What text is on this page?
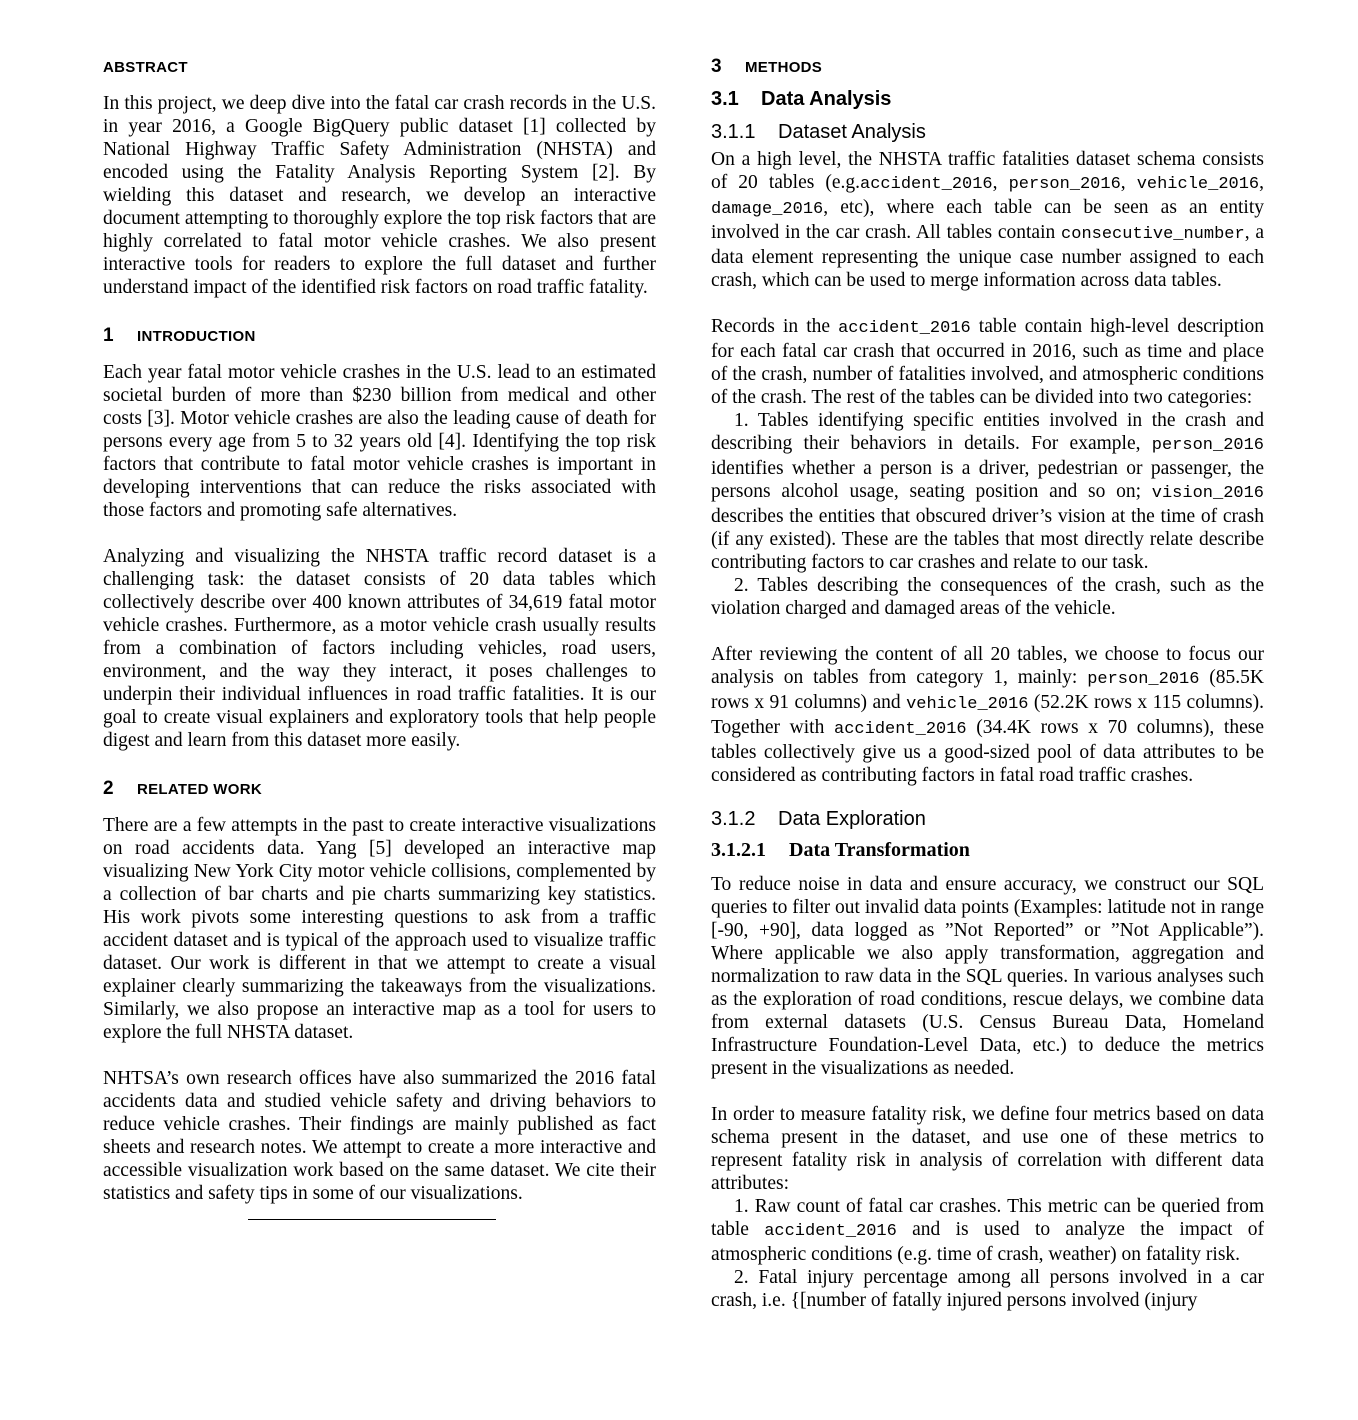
ABSTRACT

In this project, we deep dive into the fatal car crash records in the U.S. in year 2016, a Google BigQuery public dataset [1] collected by National Highway Traffic Safety Administration (NHSTA) and encoded using the Fatality Analysis Reporting System [2]. By wielding this dataset and research, we develop an interactive document attempting to thoroughly explore the top risk factors that are highly correlated to fatal motor vehicle crashes. We also present interactive tools for readers to explore the full dataset and further understand impact of the identified risk factors on road traffic fatality.

1 INTRODUCTION

Each year fatal motor vehicle crashes in the U.S. lead to an estimated societal burden of more than $230 billion from medical and other costs [3]. Motor vehicle crashes are also the leading cause of death for persons every age from 5 to 32 years old [4]. Identifying the top risk factors that contribute to fatal motor vehicle crashes is important in developing interventions that can reduce the risks associated with those factors and promoting safe alternatives.

Analyzing and visualizing the NHSTA traffic record dataset is a challenging task: the dataset consists of 20 data tables which collectively describe over 400 known attributes of 34,619 fatal motor vehicle crashes. Furthermore, as a motor vehicle crash usually results from a combination of factors including vehicles, road users, environment, and the way they interact, it poses challenges to underpin their individual influences in road traffic fatalities. It is our goal to create visual explainers and exploratory tools that help people digest and learn from this dataset more easily.

2 RELATED WORK

There are a few attempts in the past to create interactive visualizations on road accidents data. Yang [5] developed an interactive map visualizing New York City motor vehicle collisions, complemented by a collection of bar charts and pie charts summarizing key statistics. His work pivots some interesting questions to ask from a traffic accident dataset and is typical of the approach used to visualize traffic dataset. Our work is different in that we attempt to create a visual explainer clearly summarizing the takeaways from the visualizations. Similarly, we also propose an interactive map as a tool for users to explore the full NHSTA dataset.

NHTSA’s own research offices have also summarized the 2016 fatal accidents data and studied vehicle safety and driving behaviors to reduce vehicle crashes. Their findings are mainly published as fact sheets and research notes. We attempt to create a more interactive and accessible visualization work based on the same dataset. We cite their statistics and safety tips in some of our visualizations.

3 METHODS
3.1 Data Analysis
3.1.1 Dataset Analysis

On a high level, the NHSTA traffic fatalities dataset schema consists of 20 tables (e.g.accident_2016, person_2016, vehicle_2016, damage_2016, etc), where each table can be seen as an entity involved in the car crash. All tables contain consecutive_number, a data element representing the unique case number assigned to each crash, which can be used to merge information across data tables.

Records in the accident_2016 table contain high-level description for each fatal car crash that occurred in 2016, such as time and place of the crash, number of fatalities involved, and atmospheric conditions of the crash. The rest of the tables can be divided into two categories:

1. Tables identifying specific entities involved in the crash and describing their behaviors in details. For example, person_2016 identifies whether a person is a driver, pedestrian or passenger, the persons alcohol usage, seating position and so on; vision_2016 describes the entities that obscured driver’s vision at the time of crash (if any existed). These are the tables that most directly relate describe contributing factors to car crashes and relate to our task.

2. Tables describing the consequences of the crash, such as the violation charged and damaged areas of the vehicle.

After reviewing the content of all 20 tables, we choose to focus our analysis on tables from category 1, mainly: person_2016 (85.5K rows x 91 columns) and vehicle_2016 (52.2K rows x 115 columns). Together with accident_2016 (34.4K rows x 70 columns), these tables collectively give us a good-sized pool of data attributes to be considered as contributing factors in fatal road traffic crashes.

3.1.2 Data Exploration
3.1.2.1 Data Transformation

To reduce noise in data and ensure accuracy, we construct our SQL queries to filter out invalid data points (Examples: latitude not in range [-90, +90], data logged as ”Not Reported” or ”Not Applicable”). Where applicable we also apply transformation, aggregation and normalization to raw data in the SQL queries. In various analyses such as the exploration of road conditions, rescue delays, we combine data from external datasets (U.S. Census Bureau Data, Homeland Infrastructure Foundation-Level Data, etc.) to deduce the metrics present in the visualizations as needed.

In order to measure fatality risk, we define four metrics based on data schema present in the dataset, and use one of these metrics to represent fatality risk in analysis of correlation with different data attributes:

1. Raw count of fatal car crashes. This metric can be queried from table accident_2016 and is used to analyze the impact of atmospheric conditions (e.g. time of crash, weather) on fatality risk.

2. Fatal injury percentage among all persons involved in a car crash, i.e. {[number of fatally injured persons involved (injury
